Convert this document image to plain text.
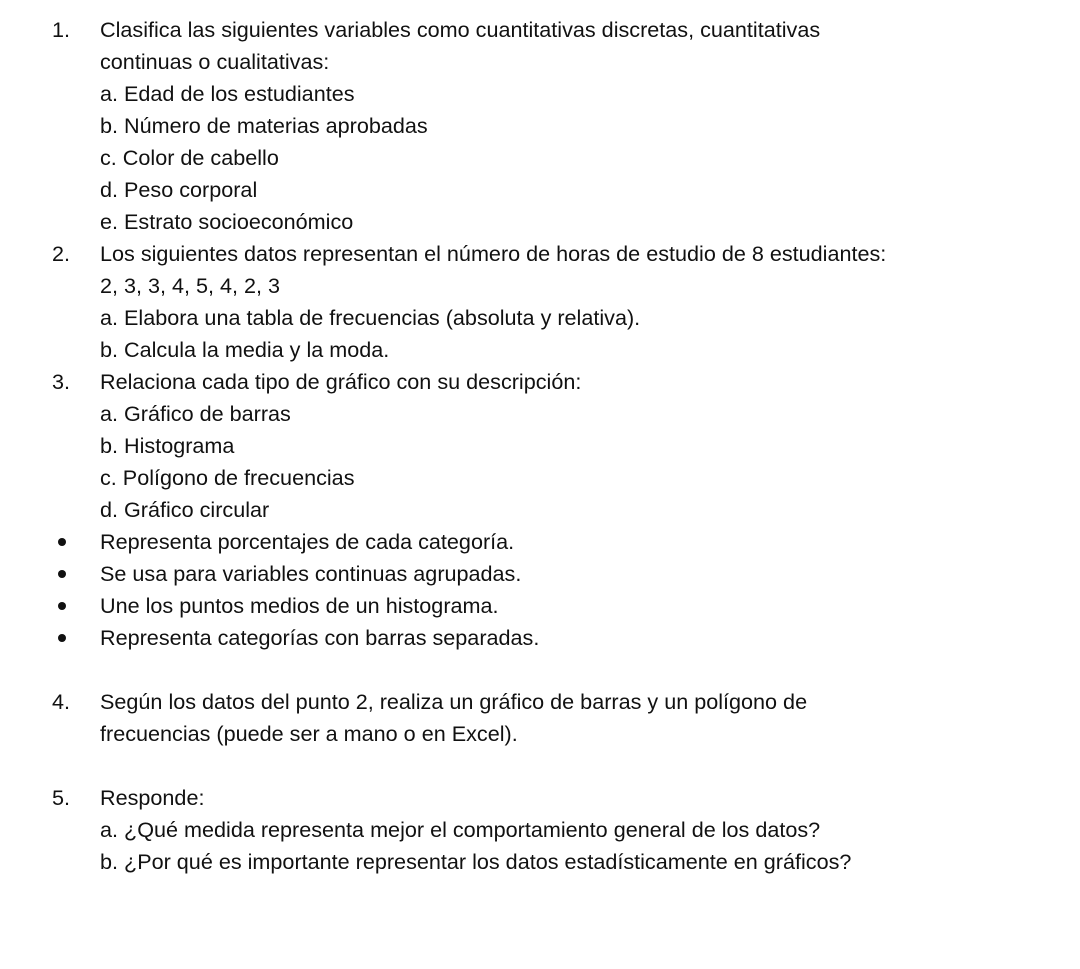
1. Clasifica las siguientes variables como cuantitativas discretas, cuantitativas
continuas o cualitativas:
a. Edad de los estudiantes
b. Número de materias aprobadas
c. Color de cabello
d. Peso corporal
e. Estrato socioeconómico
2. Los siguientes datos representan el número de horas de estudio de 8 estudiantes:
2, 3, 3, 4, 5, 4, 2, 3
a. Elabora una tabla de frecuencias (absoluta y relativa).
b. Calcula la media y la moda.
3. Relaciona cada tipo de gráfico con su descripción:
a. Gráfico de barras
b. Histograma
c. Polígono de frecuencias
d. Gráfico circular
Representa porcentajes de cada categoría.
Se usa para variables continuas agrupadas.
Une los puntos medios de un histograma.
Representa categorías con barras separadas.
4. Según los datos del punto 2, realiza un gráfico de barras y un polígono de
frecuencias (puede ser a mano o en Excel).
5. Responde:
a. ¿Qué medida representa mejor el comportamiento general de los datos?
b. ¿Por qué es importante representar los datos estadísticamente en gráficos?
